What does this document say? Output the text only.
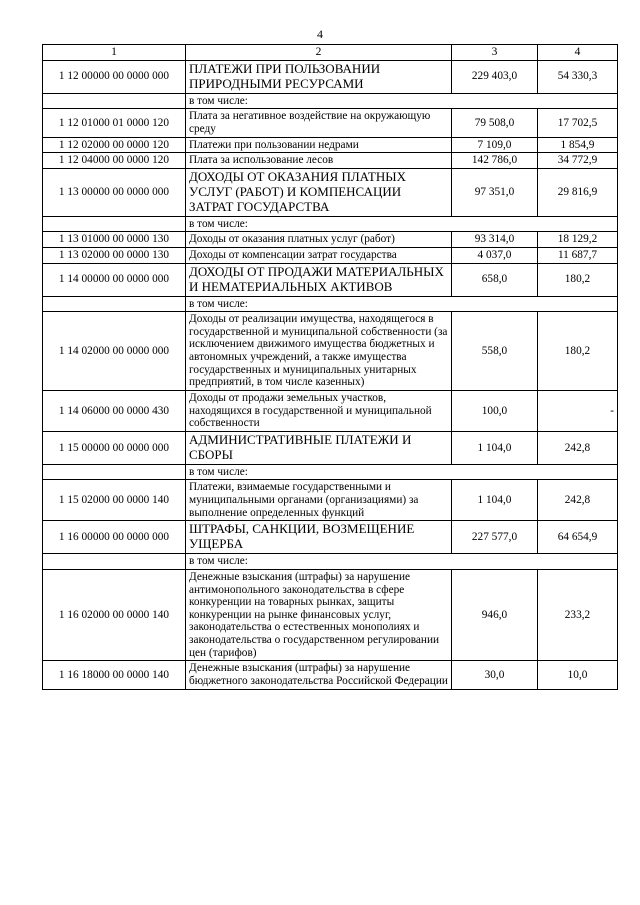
4
1	2	3	4
1 12 00000 00 0000 000	ПЛАТЕЖИ ПРИ ПОЛЬЗОВАНИИ ПРИРОДНЫМИ РЕСУРСАМИ	229 403,0	54 330,3
	в том числе:		
1 12 01000 01 0000 120	Плата за негативное воздействие на окружающую среду	79 508,0	17 702,5
1 12 02000 00 0000 120	Платежи при пользовании недрами	7 109,0	1 854,9
1 12 04000 00 0000 120	Плата за использование лесов	142 786,0	34 772,9
1 13 00000 00 0000 000	ДОХОДЫ ОТ ОКАЗАНИЯ ПЛАТНЫХ УСЛУГ (РАБОТ) И КОМПЕНСАЦИИ ЗАТРАТ ГОСУДАРСТВА	97 351,0	29 816,9
	в том числе:		
1 13 01000 00 0000 130	Доходы от оказания платных услуг (работ)	93 314,0	18 129,2
1 13 02000 00 0000 130	Доходы от компенсации затрат государства	4 037,0	11 687,7
1 14 00000 00 0000 000	ДОХОДЫ ОТ ПРОДАЖИ МАТЕРИАЛЬНЫХ И НЕМАТЕРИАЛЬНЫХ АКТИВОВ	658,0	180,2
	в том числе:		
1 14 02000 00 0000 000	Доходы от реализации имущества, находящегося в государственной и муниципальной собственности (за исключением движимого имущества бюджетных и автономных учреждений, а также имущества государственных и муниципальных унитарных предприятий, в том числе казенных)	558,0	180,2
1 14 06000 00 0000 430	Доходы от продажи земельных участков, находящихся в государственной и муниципальной собственности	100,0	-
1 15 00000 00 0000 000	АДМИНИСТРАТИВНЫЕ ПЛАТЕЖИ И СБОРЫ	1 104,0	242,8
	в том числе:		
1 15 02000 00 0000 140	Платежи, взимаемые государственными и муниципальными органами (организациями) за выполнение определенных функций	1 104,0	242,8
1 16 00000 00 0000 000	ШТРАФЫ, САНКЦИИ, ВОЗМЕЩЕНИЕ УЩЕРБА	227 577,0	64 654,9
	в том числе:		
1 16 02000 00 0000 140	Денежные взыскания (штрафы) за нарушение антимонопольного законодательства в сфере конкуренции на товарных рынках, защиты конкуренции на рынке финансовых услуг, законодательства о естественных монополиях и законодательства о государственном регулировании цен (тарифов)	946,0	233,2
1 16 18000 00 0000 140	Денежные взыскания (штрафы) за нарушение бюджетного законодательства Российской Федерации	30,0	10,0
